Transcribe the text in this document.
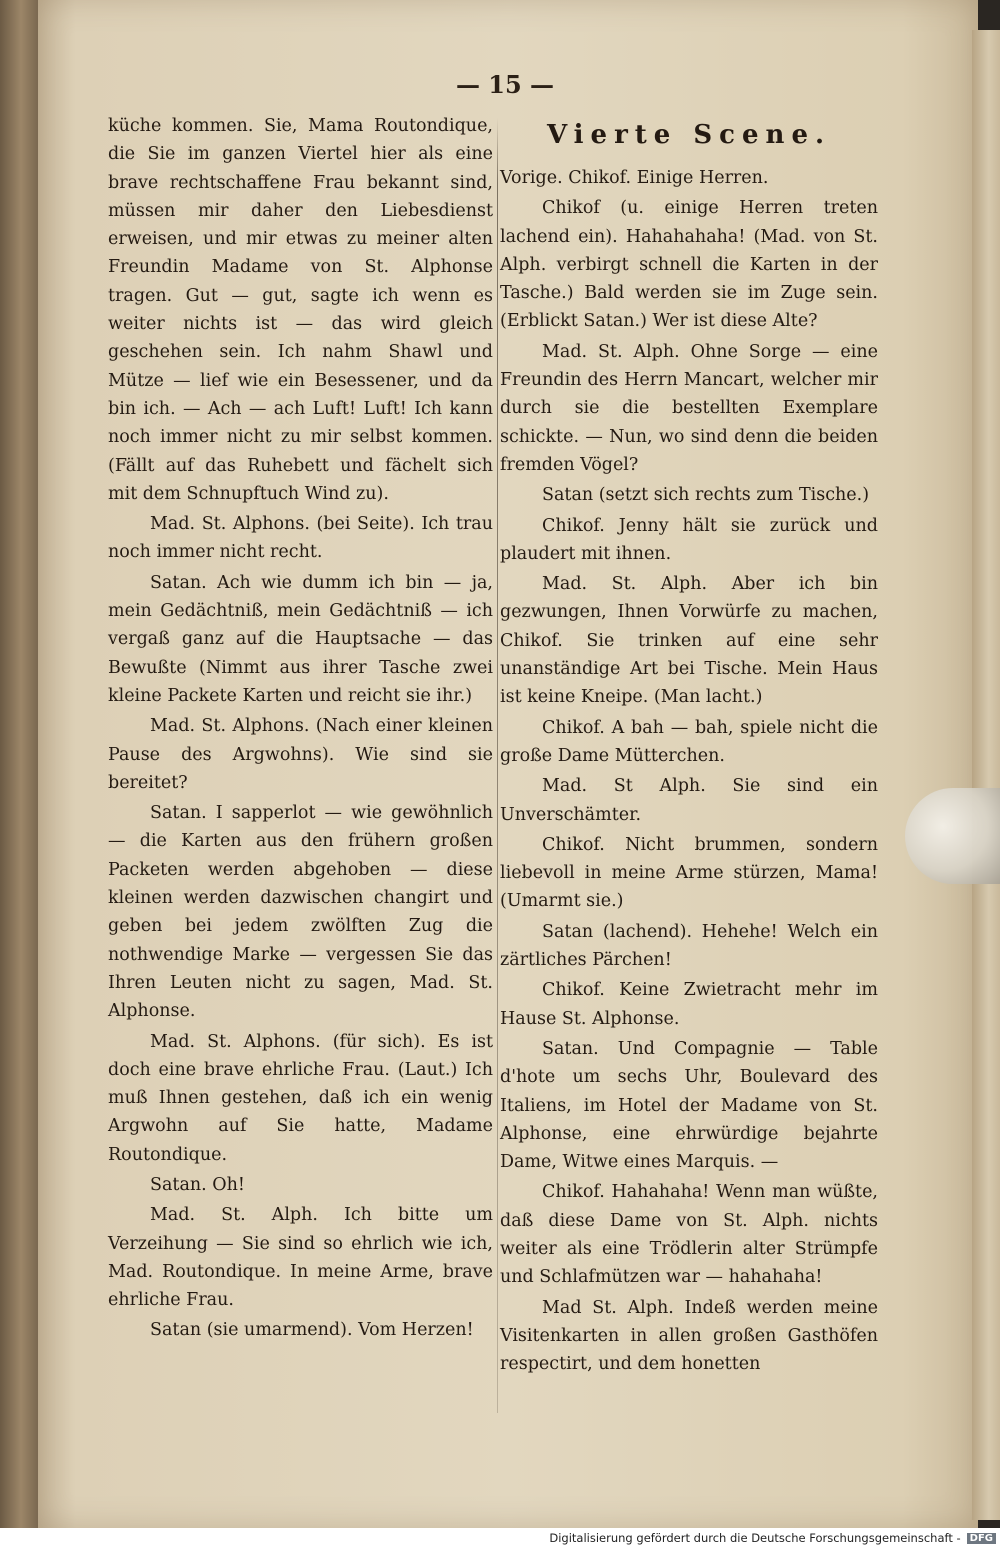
— 15 —

küche kommen. Sie, Mama Routondique, die Sie im ganzen Viertel hier als eine brave rechtschaffene Frau bekannt sind, müssen mir daher den Liebesdienst erweisen, und mir etwas zu meiner alten Freundin Madame von St. Alphonse tragen. Gut — gut, sagte ich wenn es weiter nichts ist — das wird gleich geschehen sein. Ich nahm Shawl und Mütze — lief wie ein Besessener, und da bin ich. — Ach — ach Luft! Luft! Ich kann noch immer nicht zu mir selbst kommen. (Fällt auf das Ruhebett und fächelt sich mit dem Schnupftuch Wind zu).

Mad. St. Alphons. (bei Seite). Ich trau noch immer nicht recht.

Satan. Ach wie dumm ich bin — ja, mein Gedächtniß, mein Gedächtniß — ich vergaß ganz auf die Hauptsache — das Bewußte (Nimmt aus ihrer Tasche zwei kleine Packete Karten und reicht sie ihr.)

Mad. St. Alphons. (Nach einer kleinen Pause des Argwohns). Wie sind sie bereitet?

Satan. I sapperlot — wie gewöhnlich — die Karten aus den frühern großen Packeten werden abgehoben — diese kleinen werden dazwischen changirt und geben bei jedem zwölften Zug die nothwendige Marke — vergessen Sie das Ihren Leuten nicht zu sagen, Mad. St. Alphonse.

Mad. St. Alphons. (für sich). Es ist doch eine brave ehrliche Frau. (Laut.) Ich muß Ihnen gestehen, daß ich ein wenig Argwohn auf Sie hatte, Madame Routondique.

Satan. Oh!

Mad. St. Alph. Ich bitte um Verzeihung — Sie sind so ehrlich wie ich, Mad. Routondique. In meine Arme, brave ehrliche Frau.

Satan (sie umarmend). Vom Herzen!

Vierte Scene.

Vorige. Chikof. Einige Herren.

Chikof (u. einige Herren treten lachend ein). Hahahahaha! (Mad. von St. Alph. verbirgt schnell die Karten in der Tasche.) Bald werden sie im Zuge sein. (Erblickt Satan.) Wer ist diese Alte?

Mad. St. Alph. Ohne Sorge — eine Freundin des Herrn Mancart, welcher mir durch sie die bestellten Exemplare schickte. — Nun, wo sind denn die beiden fremden Vögel?

Satan (setzt sich rechts zum Tische.)

Chikof. Jenny hält sie zurück und plaudert mit ihnen.

Mad. St. Alph. Aber ich bin gezwungen, Ihnen Vorwürfe zu machen, Chikof. Sie trinken auf eine sehr unanständige Art bei Tische. Mein Haus ist keine Kneipe. (Man lacht.)

Chikof. A bah — bah, spiele nicht die große Dame Mütterchen.

Mad. St Alph. Sie sind ein Unverschämter.

Chikof. Nicht brummen, sondern liebevoll in meine Arme stürzen, Mama! (Umarmt sie.)

Satan (lachend). Hehehe! Welch ein zärtliches Pärchen!

Chikof. Keine Zwietracht mehr im Hause St. Alphonse.

Satan. Und Compagnie — Table d'hote um sechs Uhr, Boulevard des Italiens, im Hotel der Madame von St. Alphonse, eine ehrwürdige bejahrte Dame, Witwe eines Marquis. —

Chikof. Hahahaha! Wenn man wüßte, daß diese Dame von St. Alph. nichts weiter als eine Trödlerin alter Strümpfe und Schlafmützen war — hahahaha!

Mad St. Alph. Indeß werden meine Visitenkarten in allen großen Gasthöfen respectirt, und dem honetten

Digitalisierung gefördert durch die Deutsche Forschungsgemeinschaft - DFG
